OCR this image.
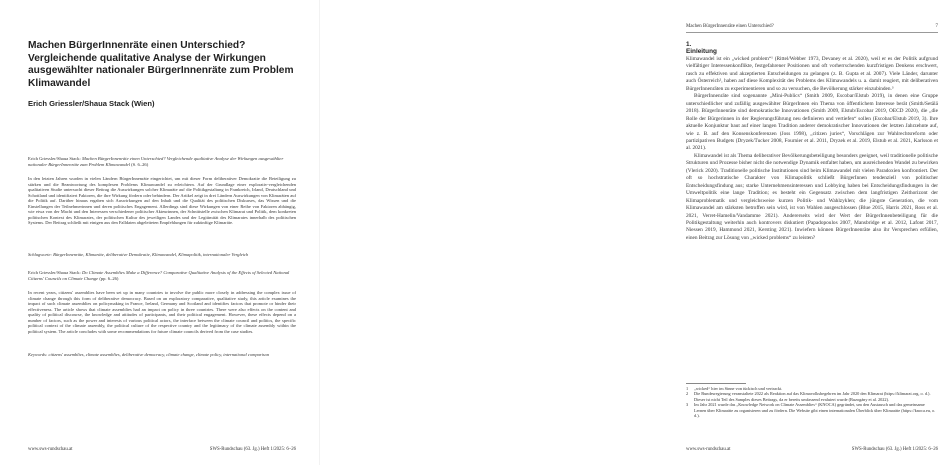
Machen BürgerInnenräte einen Unterschied? Vergleichende qualitative Analyse der Wirkungen ausgewählter nationaler BürgerInnenräte zum Problem Klimawandel

Erich Griessler/Shaua Stack (Wien)

Erich Griessler/Shaua Stack: Machen BürgerInnenräte einen Unterschied? Vergleichende qualitative Analyse der Wirkungen ausgewählter nationaler BürgerInnenräte zum Problem Klimawandel (S. 6–26)

In den letzten Jahren wurden in vielen Ländern BürgerInnenräte eingerichtet, um mit dieser Form deliberativer Demokratie die Beteiligung zu stärken und die Beantwortung des komplexen Problems Klimawandel zu erleichtern. Auf der Grundlage einer explorativ-vergleichenden qualitativen Studie untersucht dieser Beitrag die Auswirkungen solcher Klimaräte auf die Politikgestaltung in Frankreich, Irland, Deutschland und Schottland und identifiziert Faktoren, die ihre Wirkung fördern oder behindern. Der Artikel zeigt in drei Ländern Auswirkungen von Klimaräten auf die Politik auf. Darüber hinaus ergaben sich Auswirkungen auf den Inhalt und die Qualität des politischen Diskurses, das Wissen und die Einstellungen der Teilnehmerinnen und deren politisches Engagement. Allerdings sind diese Wirkungen von einer Reihe von Faktoren abhängig, wie etwa von der Macht und den Interessen verschiedener politischer Akteurinnen, der Schnittstelle zwischen Klimarat und Politik, dem konkreten politischen Kontext des Klimarates, der politischen Kultur des jeweiligen Landes und der Legitimität des Klimarates innerhalb des politischen Systems. Der Beitrag schließt mit einigen aus den Falldaten abgeleiteten Empfehlungen für zukünftige Klimaräte.

Schlagworte: BürgerInnenräte, Klimaräte, deliberative Demokratie, Klimawandel, Klimapolitik, internationaler Vergleich

Erich Griessler/Shaua Stack: Do Climate Assemblies Make a Difference? Comparative Qualitative Analysis of the Effects of Selected National Citizens' Councils on Climate Change (pp. 6–26)

In recent years, citizens' assemblies have been set up in many countries to involve the public more closely in addressing the complex issue of climate change through this form of deliberative democracy. Based on an exploratory comparative, qualitative study, this article examines the impact of such climate assemblies on policymaking in France, Ireland, Germany and Scotland and identifies factors that promote or hinder their effectiveness. The article shows that climate assemblies had an impact on policy in three countries. There were also effects on the content and quality of political discourse, the knowledge and attitudes of participants, and their political engagement. However, these effects depend on a number of factors, such as the power and interests of various political actors, the interface between the climate council and politics, the specific political context of the climate assembly, the political culture of the respective country and the legitimacy of the climate assembly within the political system. The article concludes with some recommendations for future climate councils derived from the case studies.

Keywords: citizens' assemblies, climate assemblies, deliberative democracy, climate change, climate policy, international comparison

www.sws-rundschau.at	SWS-Rundschau (63. Jg.) Heft 1/2025: 6–26
Machen BürgerInnenräte einen Unterschied?	7
1. Einleitung

Klimawandel ist ein „wicked problem“¹ (Rittel/Webber 1973, Devaney et al. 2020), weil er es der Politik aufgrund vielfältiger Interessenkonflikte, festgefahrener Positionen und oft vorherrschenden kurzfristigen Denkens erschwert, rasch zu effektiven und akzeptierten Entscheidungen zu gelangen (z. B. Gupta et al. 2007). Viele Länder, darunter auch Österreich², haben auf diese Komplexität des Problems des Klimawandels u. a. damit reagiert, mit deliberativen BürgerInnenräten zu experimentieren und so zu versuchen, die Bevölkerung stärker einzubinden.³

BürgerInnenräte sind sogenannte „Mini-Publics“ (Smith 2009, Escobar/Elstub 2019), in denen eine Gruppe unterschiedlicher und zufällig ausgewählter BürgerInnen ein Thema von öffentlichem Interesse berät (Smith/Setälä 2018). BürgerInnenräte sind demokratische Innovationen (Smith 2009, Elstub/Escobar 2019, OECD 2020), die „die Rolle der Bürgerinnen in der Regierungsführung neu definieren und vertiefen“ sollen (Escobar/Elstub 2019, 3). Ihre aktuelle Konjunktur baut auf einer langen Tradition anderer demokratischer Innovationen der letzten Jahrzehnte auf, wie z. B. auf den Konsenskonferenzen (Joss 1998), „citizen juries“, Vorschlägen zur Wahlrechtsreform oder partizipativen Budgets (Dryzek/Tucker 2008, Fournier et al. 2011, Dryzek et al. 2019, Elstub et al. 2021, Karlsson et al. 2021).

Klimawandel ist als Thema deliberativer Bevölkerungsbeteiligung besonders geeignet, weil traditionelle politische Strukturen und Prozesse bisher nicht die notwendige Dynamik entfaltet haben, um ausreichenden Wandel zu bewirken (Vlerick 2020). Traditionelle politische Institutionen sind beim Klimawandel mit vielen Paradoxien konfrontiert. Der oft so hochstratische Charakter von Klimapolitik schließt BürgerInnen tendenziell von politischer Entscheidungsfindung aus; starke Unternehmensinteressen und Lobbying haben bei Entscheidungsfindungen in der Umweltpolitik eine lange Tradition; es besteht ein Gegensatz zwischen dem langfristigen Zeithorizont der Klimaproblematik und vergleichsweise kurzen Politik- und Wahlzyklen; die jüngste Generation, die vom Klimawandel am stärksten betroffen sein wird, ist von Wahlen ausgeschlossen (Blue 2015, Harris 2021, Ross et al. 2021, Verret-Hamelin/Vandamme 2021). Andererseits wird der Wert der BürgerInnenbeteiligung für die Politikgestaltung weiterhin auch kontrovers diskutiert (Papadopoulos 2007, Mansbridge et al. 2012, Lafont 2017, Niessen 2019, Hammond 2021, Kersting 2021). Inwiefern können BürgerInnenräte also ihr Versprechen erfüllen, einen Beitrag zur Lösung von „wicked problems“ zu leisten?

1	„wicked“ hier im Sinne von tückisch und vertrackt.
2	Die Bundesregierung veranstaltete 2022 als Reaktion auf das Klimavolksbegehren im Jahr 2020 den Klimarat (https://klimarat.org, o. d.). Dieser ist nicht Teil des Samples dieses Beitrags, da er bereits umfassend evaluiert wurde (Buzogány et al. 2022).
3	Im Jahr 2021 wurde das „Knowledge Network on Climate Assemblies“ (KNOCA) gegründet, um den Austausch und das gemeinsame Lernen über Klimaräte zu organisieren und zu fördern. Die Website gibt einen internationalen Überblick über Klimaräte (https://knoca.eu, o. d.).
www.sws-rundschau.at	SWS-Rundschau (63. Jg.) Heft 1/2025: 6–26
